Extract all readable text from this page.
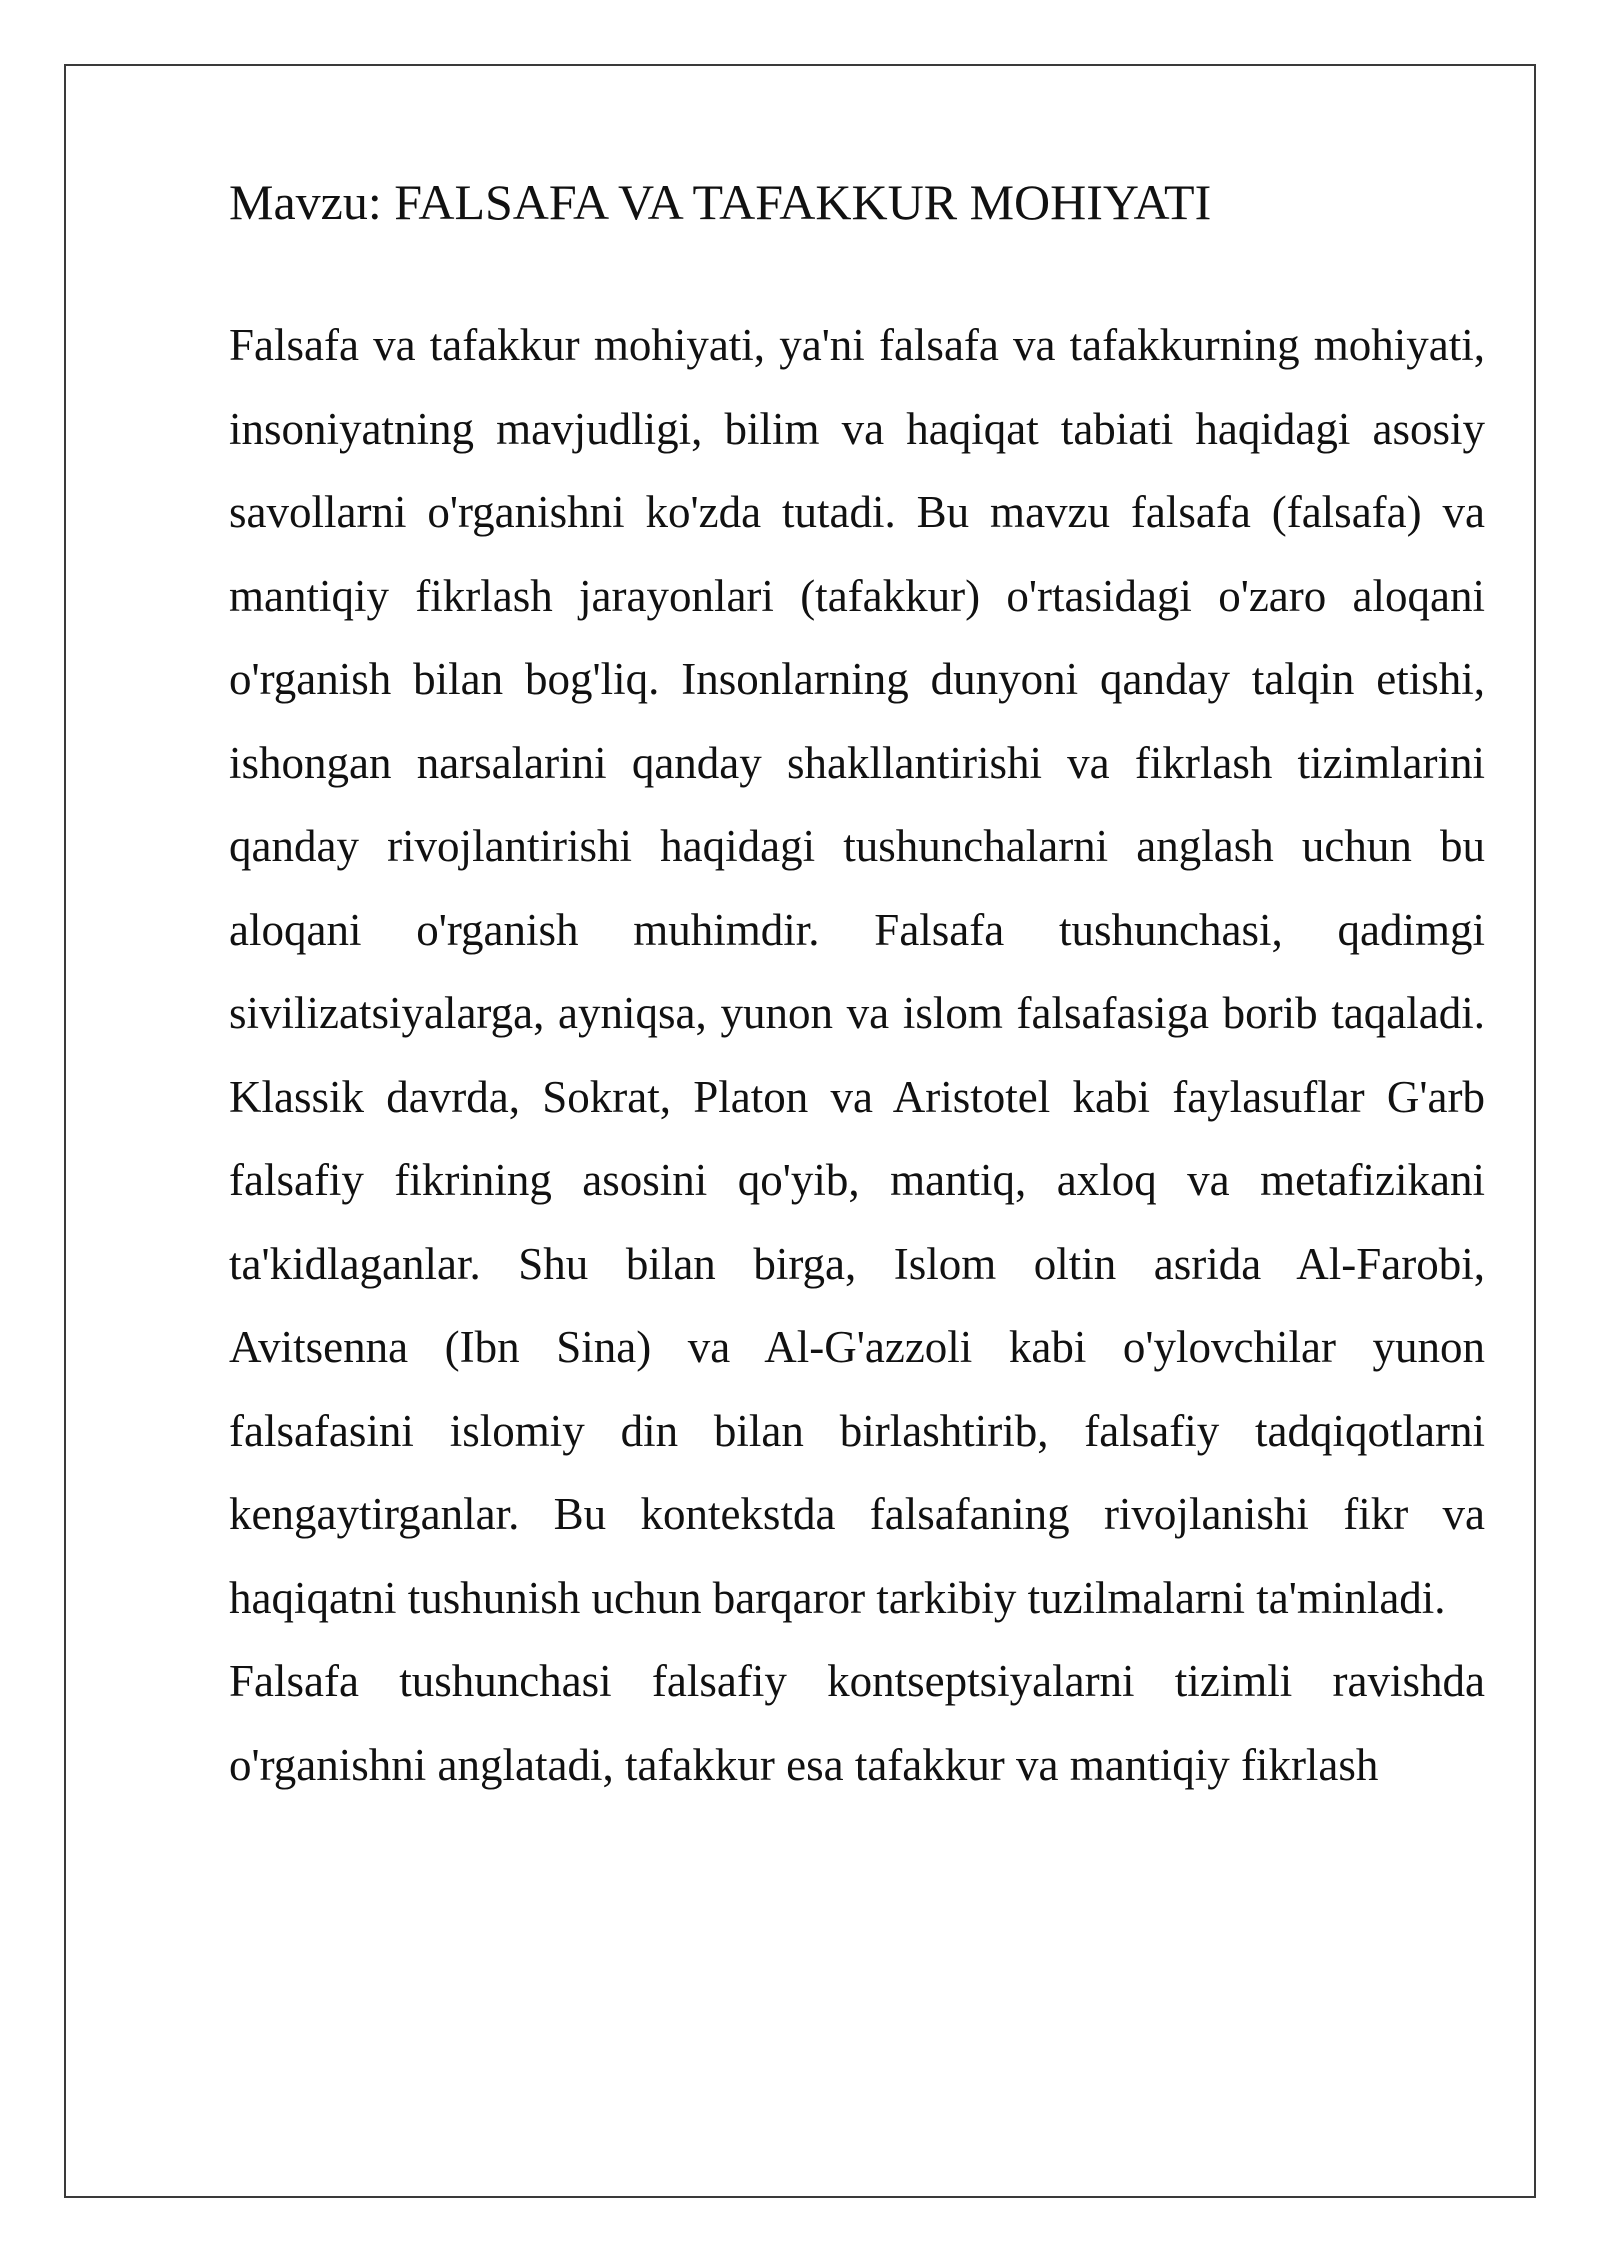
Mavzu: FALSAFA VA TAFAKKUR MOHIYATI

Falsafa va tafakkur mohiyati, ya'ni falsafa va tafakkurning mohiyati, insoniyatning mavjudligi, bilim va haqiqat tabiati haqidagi asosiy savollarni o'rganishni ko'zda tutadi. Bu mavzu falsafa (falsafa) va mantiqiy fikrlash jarayonlari (tafakkur) o'rtasidagi o'zaro aloqani o'rganish bilan bog'liq. Insonlarning dunyoni qanday talqin etishi, ishongan narsalarini qanday shakllantirishi va fikrlash tizimlarini qanday rivojlantirishi haqidagi tushunchalarni anglash uchun bu aloqani o'rganish muhimdir. Falsafa tushunchasi, qadimgi sivilizatsiyalarga, ayniqsa, yunon va islom falsafasiga borib taqaladi. Klassik davrda, Sokrat, Platon va Aristotel kabi faylasuflar G'arb falsafiy fikrining asosini qo'yib, mantiq, axloq va metafizikani ta'kidlaganlar. Shu bilan birga, Islom oltin asrida Al-Farobi, Avitsenna (Ibn Sina) va Al-G'azzoli kabi o'ylovchilar yunon falsafasini islomiy din bilan birlashtirib, falsafiy tadqiqotlarni kengaytirganlar. Bu kontekstda falsafaning rivojlanishi fikr va haqiqatni tushunish uchun barqaror tarkibiy tuzilmalarni ta'minladi.

Falsafa tushunchasi falsafiy kontseptsiyalarni tizimli ravishda o'rganishni anglatadi, tafakkur esa tafakkur va mantiqiy fikrlash
